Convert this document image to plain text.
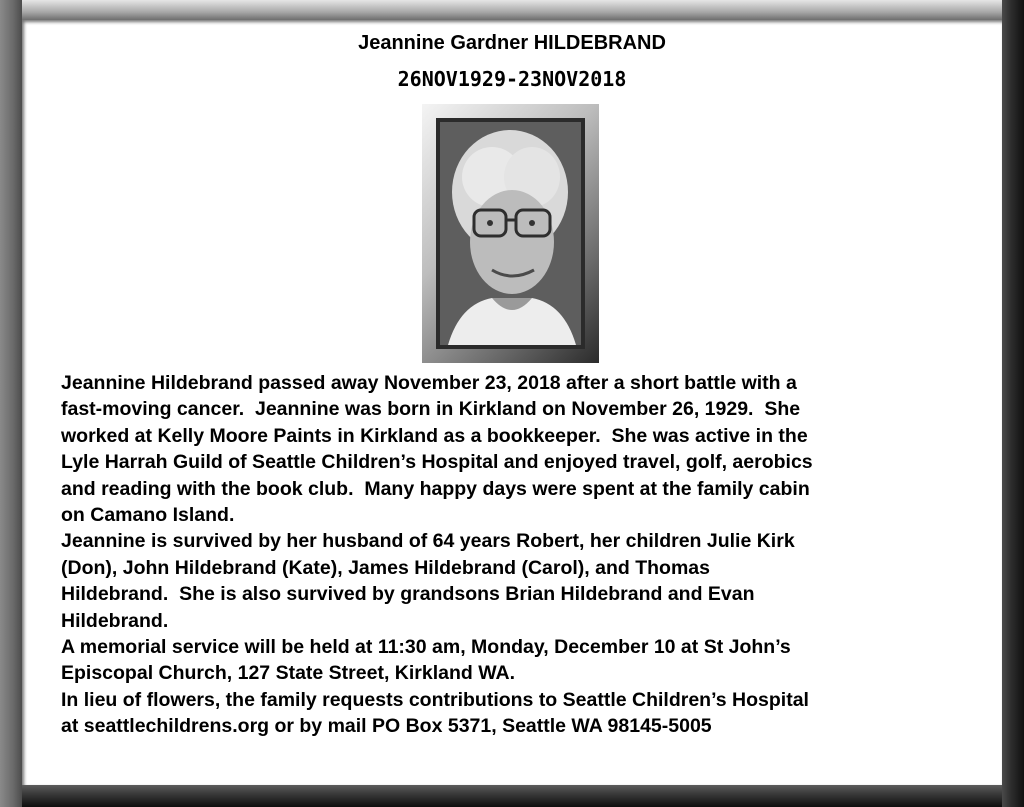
Jeannine Gardner HILDEBRAND
26NOV1929-23NOV2018

Jeannine Hildebrand passed away November 23, 2018 after a short battle with a
fast-moving cancer.  Jeannine was born in Kirkland on November 26, 1929.  She
worked at Kelly Moore Paints in Kirkland as a bookkeeper.  She was active in the
Lyle Harrah Guild of Seattle Children’s Hospital and enjoyed travel, golf, aerobics
and reading with the book club.  Many happy days were spent at the family cabin
on Camano Island.

Jeannine is survived by her husband of 64 years Robert, her children Julie Kirk
(Don), John Hildebrand (Kate), James Hildebrand (Carol), and Thomas
Hildebrand.  She is also survived by grandsons Brian Hildebrand and Evan
Hildebrand.

A memorial service will be held at 11:30 am, Monday, December 10 at St John’s
Episcopal Church, 127 State Street, Kirkland WA.

In lieu of flowers, the family requests contributions to Seattle Children’s Hospital
at seattlechildrens.org or by mail PO Box 5371, Seattle WA 98145-5005
